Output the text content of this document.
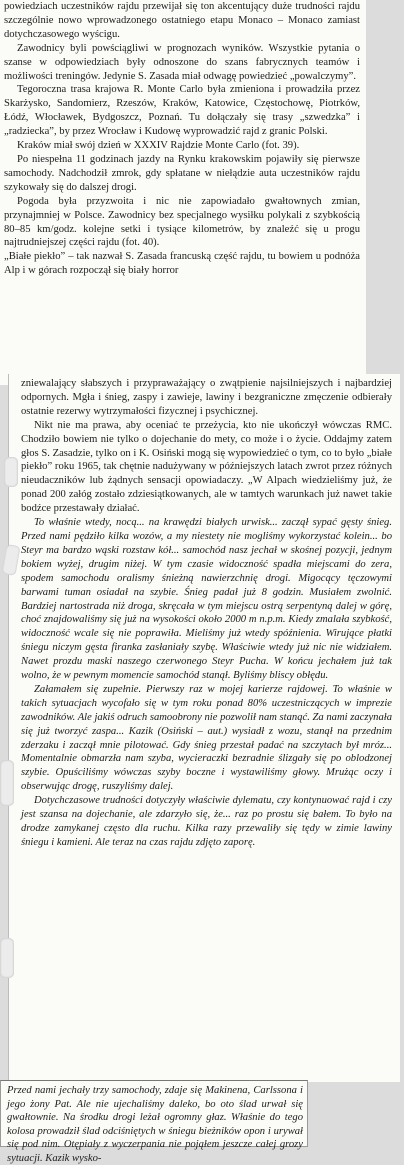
powiedziach uczestników rajdu przewijał się ton akcentujący duże trudności rajdu szczególnie nowo wprowadzonego ostatniego etapu Monaco – Monaco zamiast dotychczasowego wyścigu.

Zawodnicy byli powściągliwi w prognozach wyników. Wszystkie pytania o szanse w odpowiedziach były odnoszone do szans fabrycznych teamów i możliwości treningów. Jedynie S. Zasada miał odwagę powiedzieć „powalczymy”.

Tegoroczna trasa krajowa R. Monte Carlo była zmieniona i prowadziła przez Skarżysko, Sandomierz, Rzeszów, Kraków, Katowice, Częstochowę, Piotrków, Łódź, Włocławek, Bydgoszcz, Poznań. Tu dołączały się trasy „szwedzka” i „radziecka”, by przez Wrocław i Kudowę wyprowadzić rajd z granic Polski.

Kraków miał swój dzień w XXXIV Rajdzie Monte Carlo (fot. 39).

Po niespełna 11 godzinach jazdy na Rynku krakowskim pojawiły się pierwsze samochody. Nadchodził zmrok, gdy spłatane w niełądzie auta uczestników rajdu szykowały się do dalszej drogi.

Pogoda była przyzwoita i nic nie zapowiadało gwałtownych zmian, przynajmniej w Polsce. Zawodnicy bez specjalnego wysiłku polykali z szybkością 80–85 km/godz. kolejne setki i tysiące kilometrów, by znaleźć się u progu najtrudniejszej części rajdu (fot. 40).

„Białe piekło” – tak nazwał S. Zasada francuską część rajdu, tu bowiem u podnóża Alp i w górach rozpoczął się biały horror

zniewalający słabszych i przypraważający o zwątpienie najsilniejszych i najbardziej odpornych. Mgła i śnieg, zaspy i zawieje, lawiny i bezgraniczne zmęczenie odbierały ostatnie rezerwy wytrzymałości fizycznej i psychicznej.

Nikt nie ma prawa, aby oceniać te przeżycia, kto nie ukończył wówczas RMC. Chodziło bowiem nie tylko o dojechanie do mety, co może i o życie. Oddajmy zatem głos S. Zasadzie, tylko on i K. Osiński mogą się wypowiedzieć o tym, co to było „białe piekło” roku 1965, tak chętnie nadużywany w późniejszych latach zwrot przez różnych nieudaczników lub żądnych sensacji opowiadaczy. „W Alpach wiedzieliśmy już, że ponad 200 załóg zostało zdziesiątkowanych, ale w tamtych warunkach już nawet takie bodźce przestawały działać.

To właśnie wtedy, nocą... na krawędzi białych urwisk... zaczął sypać gęsty śnieg. Przed nami pędziło kilka wozów, a my niestety nie mogliśmy wykorzystać kolein... bo Steyr ma bardzo wąski rozstaw kół... samochód nasz jechał w skośnej pozycji, jednym bokiem wyżej, drugim niżej. W tym czasie widoczność spadła miejscami do zera, spodem samochodu oralismy śnieżną nawierzchnię drogi. Migocący tęczowymi barwami tuman osiadał na szybie. Śnieg padał już 8 godzin. Musiałem zwolnić. Bardziej nartostrada niż droga, skręcała w tym miejscu ostrą serpentyną dalej w górę, choć znajdowaliśmy się już na wysokości około 2000 m n.p.m. Kiedy zmalała szybkość, widoczność wcale się nie poprawiła. Mieliśmy już wtedy spóźnienia. Wirujące płatki śniegu niczym gęsta firanka zasłaniały szybę. Właściwie wtedy już nic nie widziałem. Nawet prozdu maski naszego czerwonego Steyr Pucha. W końcu jechałem już tak wolno, że w pewnym momencie samochód stanął. Byliśmy bliscy obłędu.

Załamałem się zupełnie. Pierwszy raz w mojej karierze rajdowej. To właśnie w takich sytuacjach wycofało się w tym roku ponad 80% uczestniczących w imprezie zawodników. Ale jakiś odruch samoobrony nie pozwolił nam stanąć. Za nami zaczynała się już tworzyć zaspa... Kazik (Osiński – aut.) wysiadł z wozu, stanął na przednim zderzaku i zaczął mnie pilotować. Gdy śnieg przestał padać na szczytach był mróz... Momentalnie obmarzła nam szyba, wycieraczki bezradnie ślizgały się po oblodzonej szybie. Opuściliśmy wówczas szyby boczne i wystawiliśmy głowy. Mrużąc oczy i obserwując drogę, ruszyliśmy dalej.

Dotychczasowe trudności dotyczyły właściwie dylematu, czy kontynuować rajd i czy jest szansa na dojechanie, ale zdarzyło się, że... raz po prostu się bałem. To było na drodze zamykanej często dla ruchu. Kilka razy przewaliły się tędy w zimie lawiny śniegu i kamieni. Ale teraz na czas rajdu zdjęto zaporę.

Przed nami jechały trzy samochody, zdaje się Makinena, Carlssona i jego żony Pat. Ale nie ujechaliśmy daleko, bo oto ślad urwał się gwałtownie. Na środku drogi leżał ogromny głaz. Właśnie do tego kolosa prowadził ślad odciśniętych w śniegu bieżników opon i urywał się pod nim. Otępiały z wyczerpania nie pojąłem jeszcze całej grozy sytuacji. Kazik wysko-
